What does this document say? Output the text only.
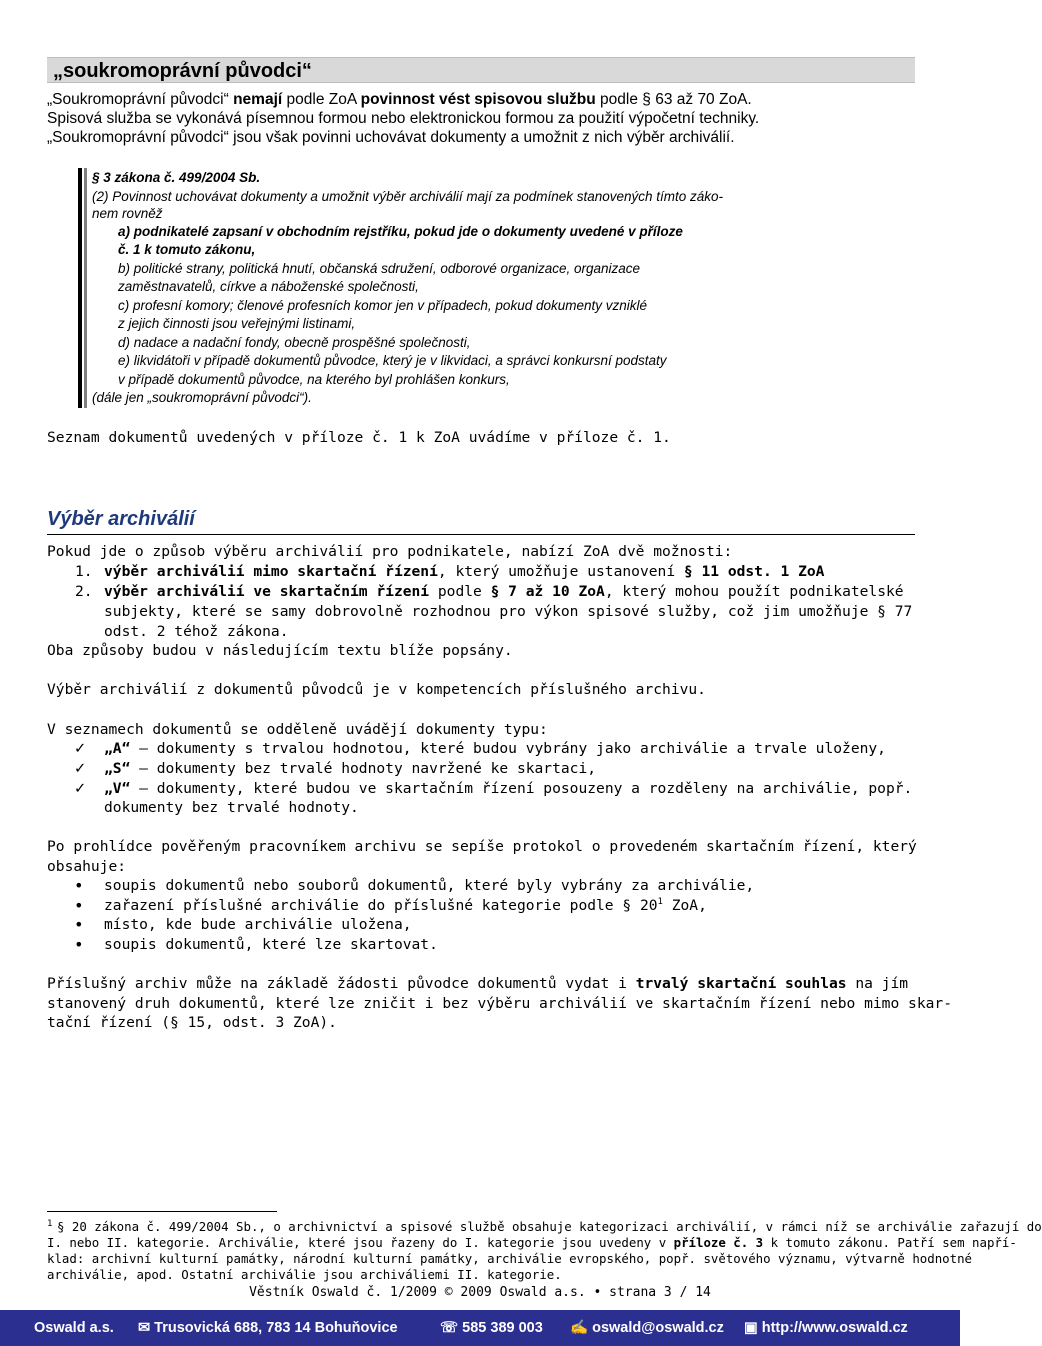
„soukromoprávní původci“
„Soukromoprávní původci“ nemají podle ZoA povinnost vést spisovou službu podle § 63 až 70 ZoA.
Spisová služba se vykonává písemnou formou nebo elektronickou formou za použití výpočetní techniky.
„Soukromoprávní původci“ jsou však povinni uchovávat dokumenty a umožnit z nich výběr archiválií.
§ 3 zákona č. 499/2004 Sb.
(2) Povinnost uchovávat dokumenty a umožnit výběr archiválií mají za podmínek stanovených tímto záko-
nem rovněž
a) podnikatelé zapsaní v obchodním rejstříku, pokud jde o dokumenty uvedené v příloze
č. 1 k tomuto zákonu,
b) politické strany, politická hnutí, občanská sdružení, odborové organizace, organizace
zaměstnavatelů, církve a náboženské společnosti,
c) profesní komory; členové profesních komor jen v případech, pokud dokumenty vzniklé
z jejich činnosti jsou veřejnými listinami,
d) nadace a nadační fondy, obecně prospěšné společnosti,
e) likvidátoři v případě dokumentů původce, který je v likvidaci, a správci konkursní podstaty
v případě dokumentů původce, na kterého byl prohlášen konkurs,
(dále jen „soukromoprávní původci“).
Seznam dokumentů uvedených v příloze č. 1 k ZoA uvádíme v příloze č. 1.
Výběr archiválií
Pokud jde o způsob výběru archiválií pro podnikatele, nabízí ZoA dvě možnosti:
1. výběr archiválií mimo skartační řízení, který umožňuje ustanovení § 11 odst. 1 ZoA
2. výběr archiválií ve skartačním řízení podle § 7 až 10 ZoA, který mohou použít podnikatelské
subjekty, které se samy dobrovolně rozhodnou pro výkon spisové služby, což jim umožňuje § 77
odst. 2 téhož zákona.
Oba způsoby budou v následujícím textu blíže popsány.
Výběr archiválií z dokumentů původců je v kompetencích příslušného archivu.
V seznamech dokumentů se odděleně uvádějí dokumenty typu:
✓ „A“ – dokumenty s trvalou hodnotou, které budou vybrány jako archiválie a trvale uloženy,
✓ „S“ – dokumenty bez trvalé hodnoty navržené ke skartaci,
✓ „V“ – dokumenty, které budou ve skartačním řízení posouzeny a rozděleny na archiválie, popř.
dokumenty bez trvalé hodnoty.
Po prohlídce pověřeným pracovníkem archivu se sepíše protokol o provedeném skartačním řízení, který
obsahuje:
• soupis dokumentů nebo souborů dokumentů, které byly vybrány za archiválie,
• zařazení příslušné archiválie do příslušné kategorie podle § $20^1$ ZoA,
• místo, kde bude archiválie uložena,
• soupis dokumentů, které lze skartovat.
Příslušný archiv může na základě žádosti původce dokumentů vydat i trvalý skartační souhlas na jím
stanovený druh dokumentů, které lze zničit i bez výběru archiválií ve skartačním řízení nebo mimo skar-
tační řízení (§ 15, odst. 3 ZoA).
1 § 20 zákona č. 499/2004 Sb., o archivnictví a spisové službě obsahuje kategorizaci archiválií, v rámci níž se archiválie zařazují do
I. nebo II. kategorie. Archiválie, které jsou řazeny do I. kategorie jsou uvedeny v příloze č. 3 k tomuto zákonu. Patří sem napří-
klad: archivní kulturní památky, národní kulturní památky, archiválie evropského, popř. světového významu, výtvarně hodnotné
archiválie, apod. Ostatní archiválie jsou archiváliemi II. kategorie.
Věstník Oswald č. 1/2009 © 2009 Oswald a.s. • strana 3 / 14
Oswald a.s. ✉ Trusovická 688, 783 14 Bohuňovice	☏ 585 389 003 ✍ oswald@oswald.cz ▣ http://www.oswald.cz
